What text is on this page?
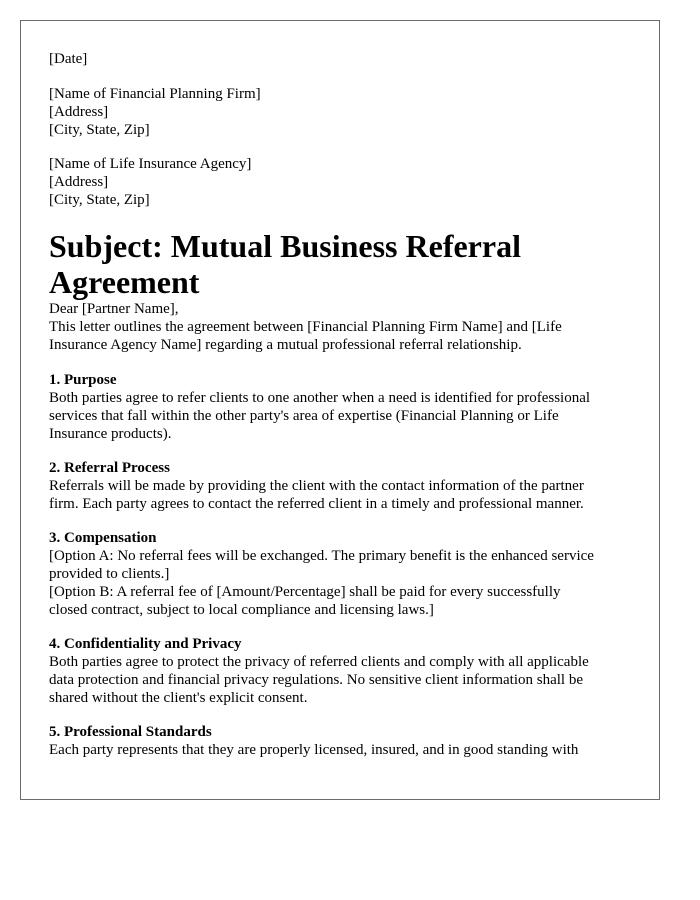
[Date]
[Name of Financial Planning Firm]
[Address]
[City, State, Zip]
[Name of Life Insurance Agency]
[Address]
[City, State, Zip]
Subject: Mutual Business Referral
Agreement

Dear [Partner Name],

This letter outlines the agreement between [Financial Planning Firm Name] and [Life
Insurance Agency Name] regarding a mutual professional referral relationship.

1. Purpose
Both parties agree to refer clients to one another when a need is identified for professional
services that fall within the other party's area of expertise (Financial Planning or Life
Insurance products).
2. Referral Process
Referrals will be made by providing the client with the contact information of the partner
firm. Each party agrees to contact the referred client in a timely and professional manner.
3. Compensation
[Option A: No referral fees will be exchanged. The primary benefit is the enhanced service
provided to clients.]
[Option B: A referral fee of [Amount/Percentage] shall be paid for every successfully
closed contract, subject to local compliance and licensing laws.]
4. Confidentiality and Privacy
Both parties agree to protect the privacy of referred clients and comply with all applicable
data protection and financial privacy regulations. No sensitive client information shall be
shared without the client's explicit consent.
5. Professional Standards
Each party represents that they are properly licensed, insured, and in good standing with
